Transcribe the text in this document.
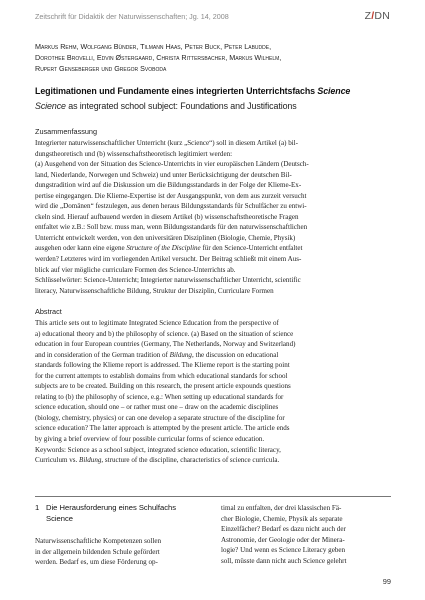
Zeitschrift für Didaktik der Naturwissenschaften; Jg. 14, 2008	Z/DN
Markus Rehm, Wolfgang Bünder, Tilmann Haas, Peter Buck, Peter Labudde,
Dorothee Brovelli, Edvin Østergaard, Christa Rittersbacher, Markus Wilhelm,
Rupert Genseberger und Gregor Svoboda
Legitimationen und Fundamente eines integrierten Unterrichtsfachs Science
Science as integrated school subject: Foundations and Justifications
Zusammenfassung
Integrierter naturwissenschaftlicher Unterricht (kurz „Science“) soll in diesem Artikel (a) bil-
dungstheoretisch und (b) wissenschaftstheoretisch legitimiert werden:
(a) Ausgehend von der Situation des Science-Unterrichts in vier europäischen Ländern (Deutsch-
land, Niederlande, Norwegen und Schweiz) und unter Berücksichtigung der deutschen Bil-
dungstradition wird auf die Diskussion um die Bildungsstandards in der Folge der Klieme-Ex-
pertise eingegangen. Die Klieme-Expertise ist der Ausgangspunkt, von dem aus zurzeit versucht
wird die „Domänen“ festzulegen, aus denen heraus Bildungsstandards für Schulfächer zu entwi-
ckeln sind. Hierauf aufbauend werden in diesem Artikel (b) wissenschaftstheoretische Fragen
entfaltet wie z.B.: Soll bzw. muss man, wenn Bildungsstandards für den naturwissenschaftlichen
Unterricht entwickelt werden, von den universitären Disziplinen (Biologie, Chemie, Physik)
ausgehen oder kann eine eigene Structure of the Discipline für den Science-Unterricht entfaltet
werden? Letzteres wird im vorliegenden Artikel versucht. Der Beitrag schließt mit einem Aus-
blick auf vier mögliche curriculare Formen des Science-Unterrichts ab.
Schlüsselwörter: Science-Unterricht; Integrierter naturwissenschaftlicher Unterricht, scientific
literacy, Naturwissenschaftliche Bildung, Struktur der Disziplin, Curriculare Formen
Abstract
This article sets out to legitimate Integrated Science Education from the perspective of
a) educational theory and b) the philosophy of science. (a) Based on the situation of science
education in four European countries (Germany, The Netherlands, Norway and Switzerland)
and in consideration of the German tradition of Bildung, the discussion on educational
standards following the Klieme report is addressed. The Klieme report is the starting point
for the current attempts to establish domains from which educational standards for school
subjects are to be created. Building on this research, the present article expounds questions
relating to (b) the philosophy of science, e.g.: When setting up educational standards for
science education, should one – or rather must one – draw on the academic disciplines
(biology, chemistry, physics) or can one develop a separate structure of the discipline for
science education? The latter approach is attempted by the present article. The article ends
by giving a brief overview of four possible curricular forms of science education.
Keywords: Science as a school subject, integrated science education, scientific literacy,
Curriculum vs. Bildung, structure of the discipline, characteristics of science curricula.
1 Die Herausforderung eines Schulfachs
Science
Naturwissenschaftliche Kompetenzen sollen
in der allgemein bildenden Schule gefördert
werden. Bedarf es, um diese Förderung op-
timal zu entfalten, der drei klassischen Fä-
cher Biologie, Chemie, Physik als separate
Einzelfächer? Bedarf es dazu nicht auch der
Astronomie, der Geologie oder der Minera-
logie? Und wenn es Science Literacy geben
soll, müsste dann nicht auch Science gelehrt
99
